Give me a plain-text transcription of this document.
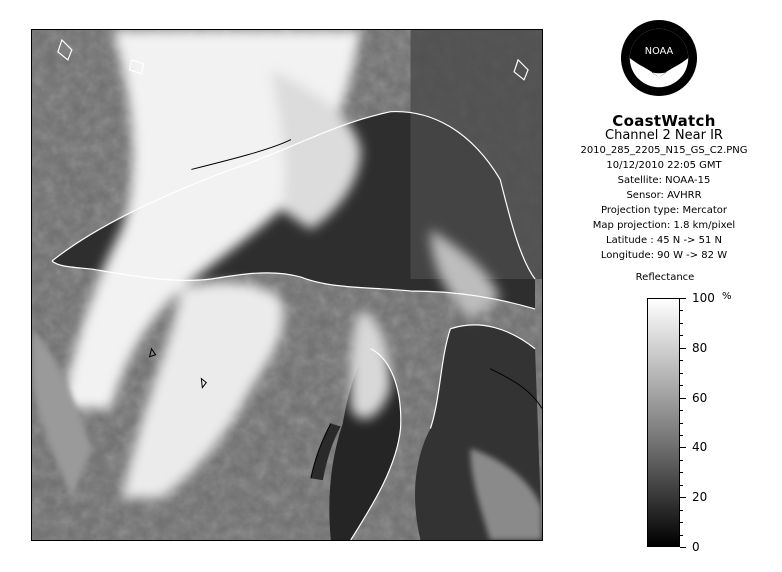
NOAA
CoastWatch
Channel 2 Near IR
2010_285_2205_N15_GS_C2.PNG
10/12/2010 22:05 GMT
Satellite: NOAA-15
Sensor: AVHRR
Projection type: Mercator
Map projection: 1.8 km/pixel
Latitude : 45 N -> 51 N
Longitude: 90 W -> 82 W
Reflectance
%
100
80
60
40
20
0
